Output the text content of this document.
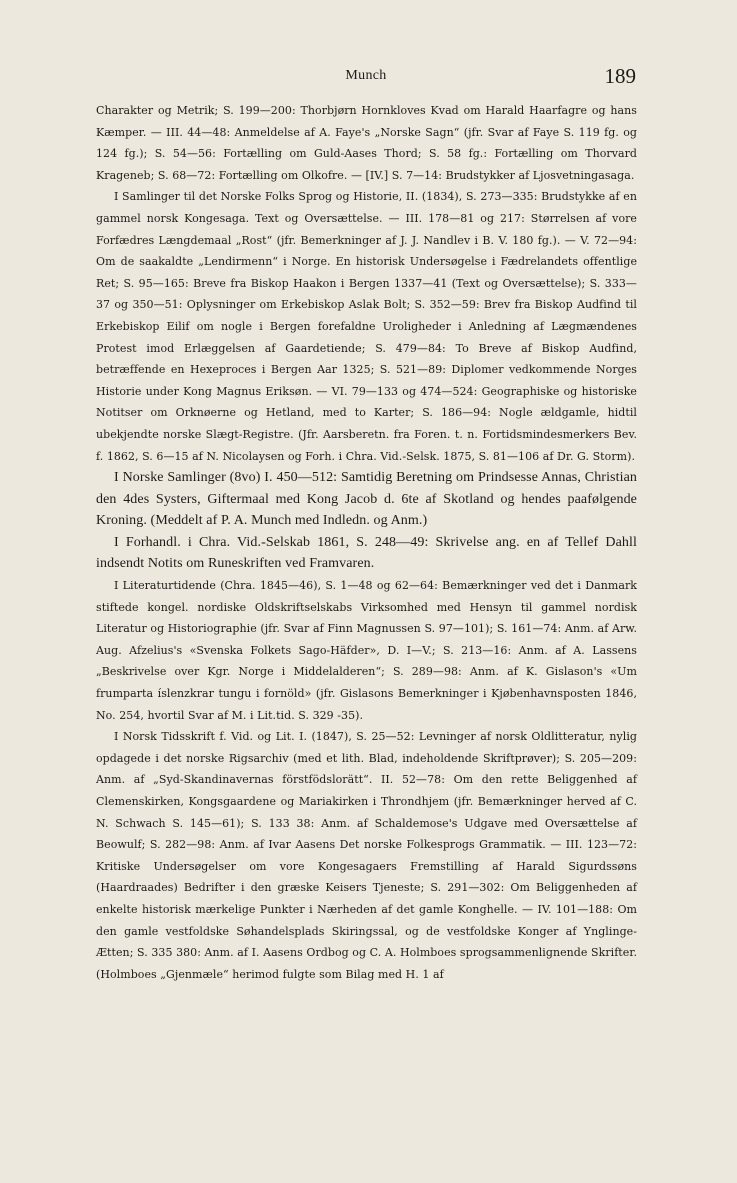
Munch	189

Charakter og Metrik; S. 199—200: Thorbjørn Hornkloves Kvad om Harald Haarfagre og hans Kæmper. — III. 44—48: Anmeldelse af A. Faye's „Norske Sagn“ (jfr. Svar af Faye S. 119 fg. og 124 fg.); S. 54—56: Fortælling om Guld-Aases Thord; S. 58 fg.: Fortælling om Thorvard Krageneb; S. 68—72: Fortælling om Olkofre. — [IV.] S. 7—14: Brudstykker af Ljosvetningasaga.

I Samlinger til det Norske Folks Sprog og Historie, II. (1834), S. 273—335: Brudstykke af en gammel norsk Kongesaga. Text og Oversættelse. — III. 178—81 og 217: Størrelsen af vore Forfædres Længdemaal „Rost“ (jfr. Bemerkninger af J. J. Nandlev i B. V. 180 fg.). — V. 72—94: Om de saakaldte „Lendirmenn“ i Norge. En historisk Undersøgelse i Fædrelandets offentlige Ret; S. 95—165: Breve fra Biskop Haakon i Bergen 1337—41 (Text og Oversættelse); S. 333—37 og 350—51: Oplysninger om Erkebiskop Aslak Bolt; S. 352—59: Brev fra Biskop Audfind til Erkebiskop Eilif om nogle i Bergen forefaldne Uroligheder i Anledning af Lægmændenes Protest imod Erlæggelsen af Gaardetiende; S. 479—84: To Breve af Biskop Audfind, betræffende en Hexeproces i Bergen Aar 1325; S. 521—89: Diplomer vedkommende Norges Historie under Kong Magnus Eriksøn. — VI. 79—133 og 474—524: Geographiske og historiske Notitser om Orknøerne og Hetland, med to Karter; S. 186—94: Nogle ældgamle, hidtil ubekjendte norske Slægt-Registre. (Jfr. Aarsberetn. fra Foren. t. n. Fortidsmindesmerkers Bev. f. 1862, S. 6—15 af N. Nicolaysen og Forh. i Chra. Vid.-Selsk. 1875, S. 81—106 af Dr. G. Storm).

I Norske Samlinger (8vo) I. 450—512: Samtidig Beretning om Prindsesse Annas, Christian den 4des Systers, Giftermaal med Kong Jacob d. 6te af Skotland og hendes paafølgende Kroning. (Meddelt af P. A. Munch med Indledn. og Anm.)

I Forhandl. i Chra. Vid.-Selskab 1861, S. 248—49: Skrivelse ang. en af Tellef Dahll indsendt Notits om Runeskriften ved Framvaren.

I Literaturtidende (Chra. 1845—46), S. 1—48 og 62—64: Bemærkninger ved det i Danmark stiftede kongel. nordiske Oldskriftselskabs Virksomhed med Hensyn til gammel nordisk Literatur og Historiographie (jfr. Svar af Finn Magnussen S. 97—101); S. 161—74: Anm. af Arw. Aug. Afzelius's «Svenska Folkets Sago-Häfder», D. I—V.; S. 213—16: Anm. af A. Lassens „Beskrivelse over Kgr. Norge i Middelalderen“; S. 289—98: Anm. af K. Gislason's «Um frumparta íslenzkrar tungu i fornöld» (jfr. Gislasons Bemerkninger i Kjøbenhavnsposten 1846, No. 254, hvortil Svar af M. i Lit.tid. S. 329 -35).

I Norsk Tidsskrift f. Vid. og Lit. I. (1847), S. 25—52: Levninger af norsk Oldlitteratur, nylig opdagede i det norske Rigsarchiv (med et lith. Blad, indeholdende Skriftprøver); S. 205—209: Anm. af „Syd-Skandinavernas förstfödslorätt“. II. 52—78: Om den rette Beliggenhed af Clemenskirken, Kongsgaardene og Mariakirken i Throndhjem (jfr. Bemærkninger herved af C. N. Schwach S. 145—61); S. 133 38: Anm. af Schaldemose's Udgave med Oversættelse af Beowulf; S. 282—98: Anm. af Ivar Aasens Det norske Folkesprogs Grammatik. — III. 123—72: Kritiske Undersøgelser om vore Kongesagaers Fremstilling af Harald Sigurdssøns (Haardraades) Bedrifter i den græske Keisers Tjeneste; S. 291—302: Om Beliggenheden af enkelte historisk mærkelige Punkter i Nærheden af det gamle Konghelle. — IV. 101—188: Om den gamle vestfoldske Søhandelsplads Skiringssal, og de vestfoldske Konger af Ynglinge-Ætten; S. 335 380: Anm. af I. Aasens Ordbog og C. A. Holmboes sprogsammenlignende Skrifter. (Holmboes „Gjenmæle“ herimod fulgte som Bilag med H. 1 af
